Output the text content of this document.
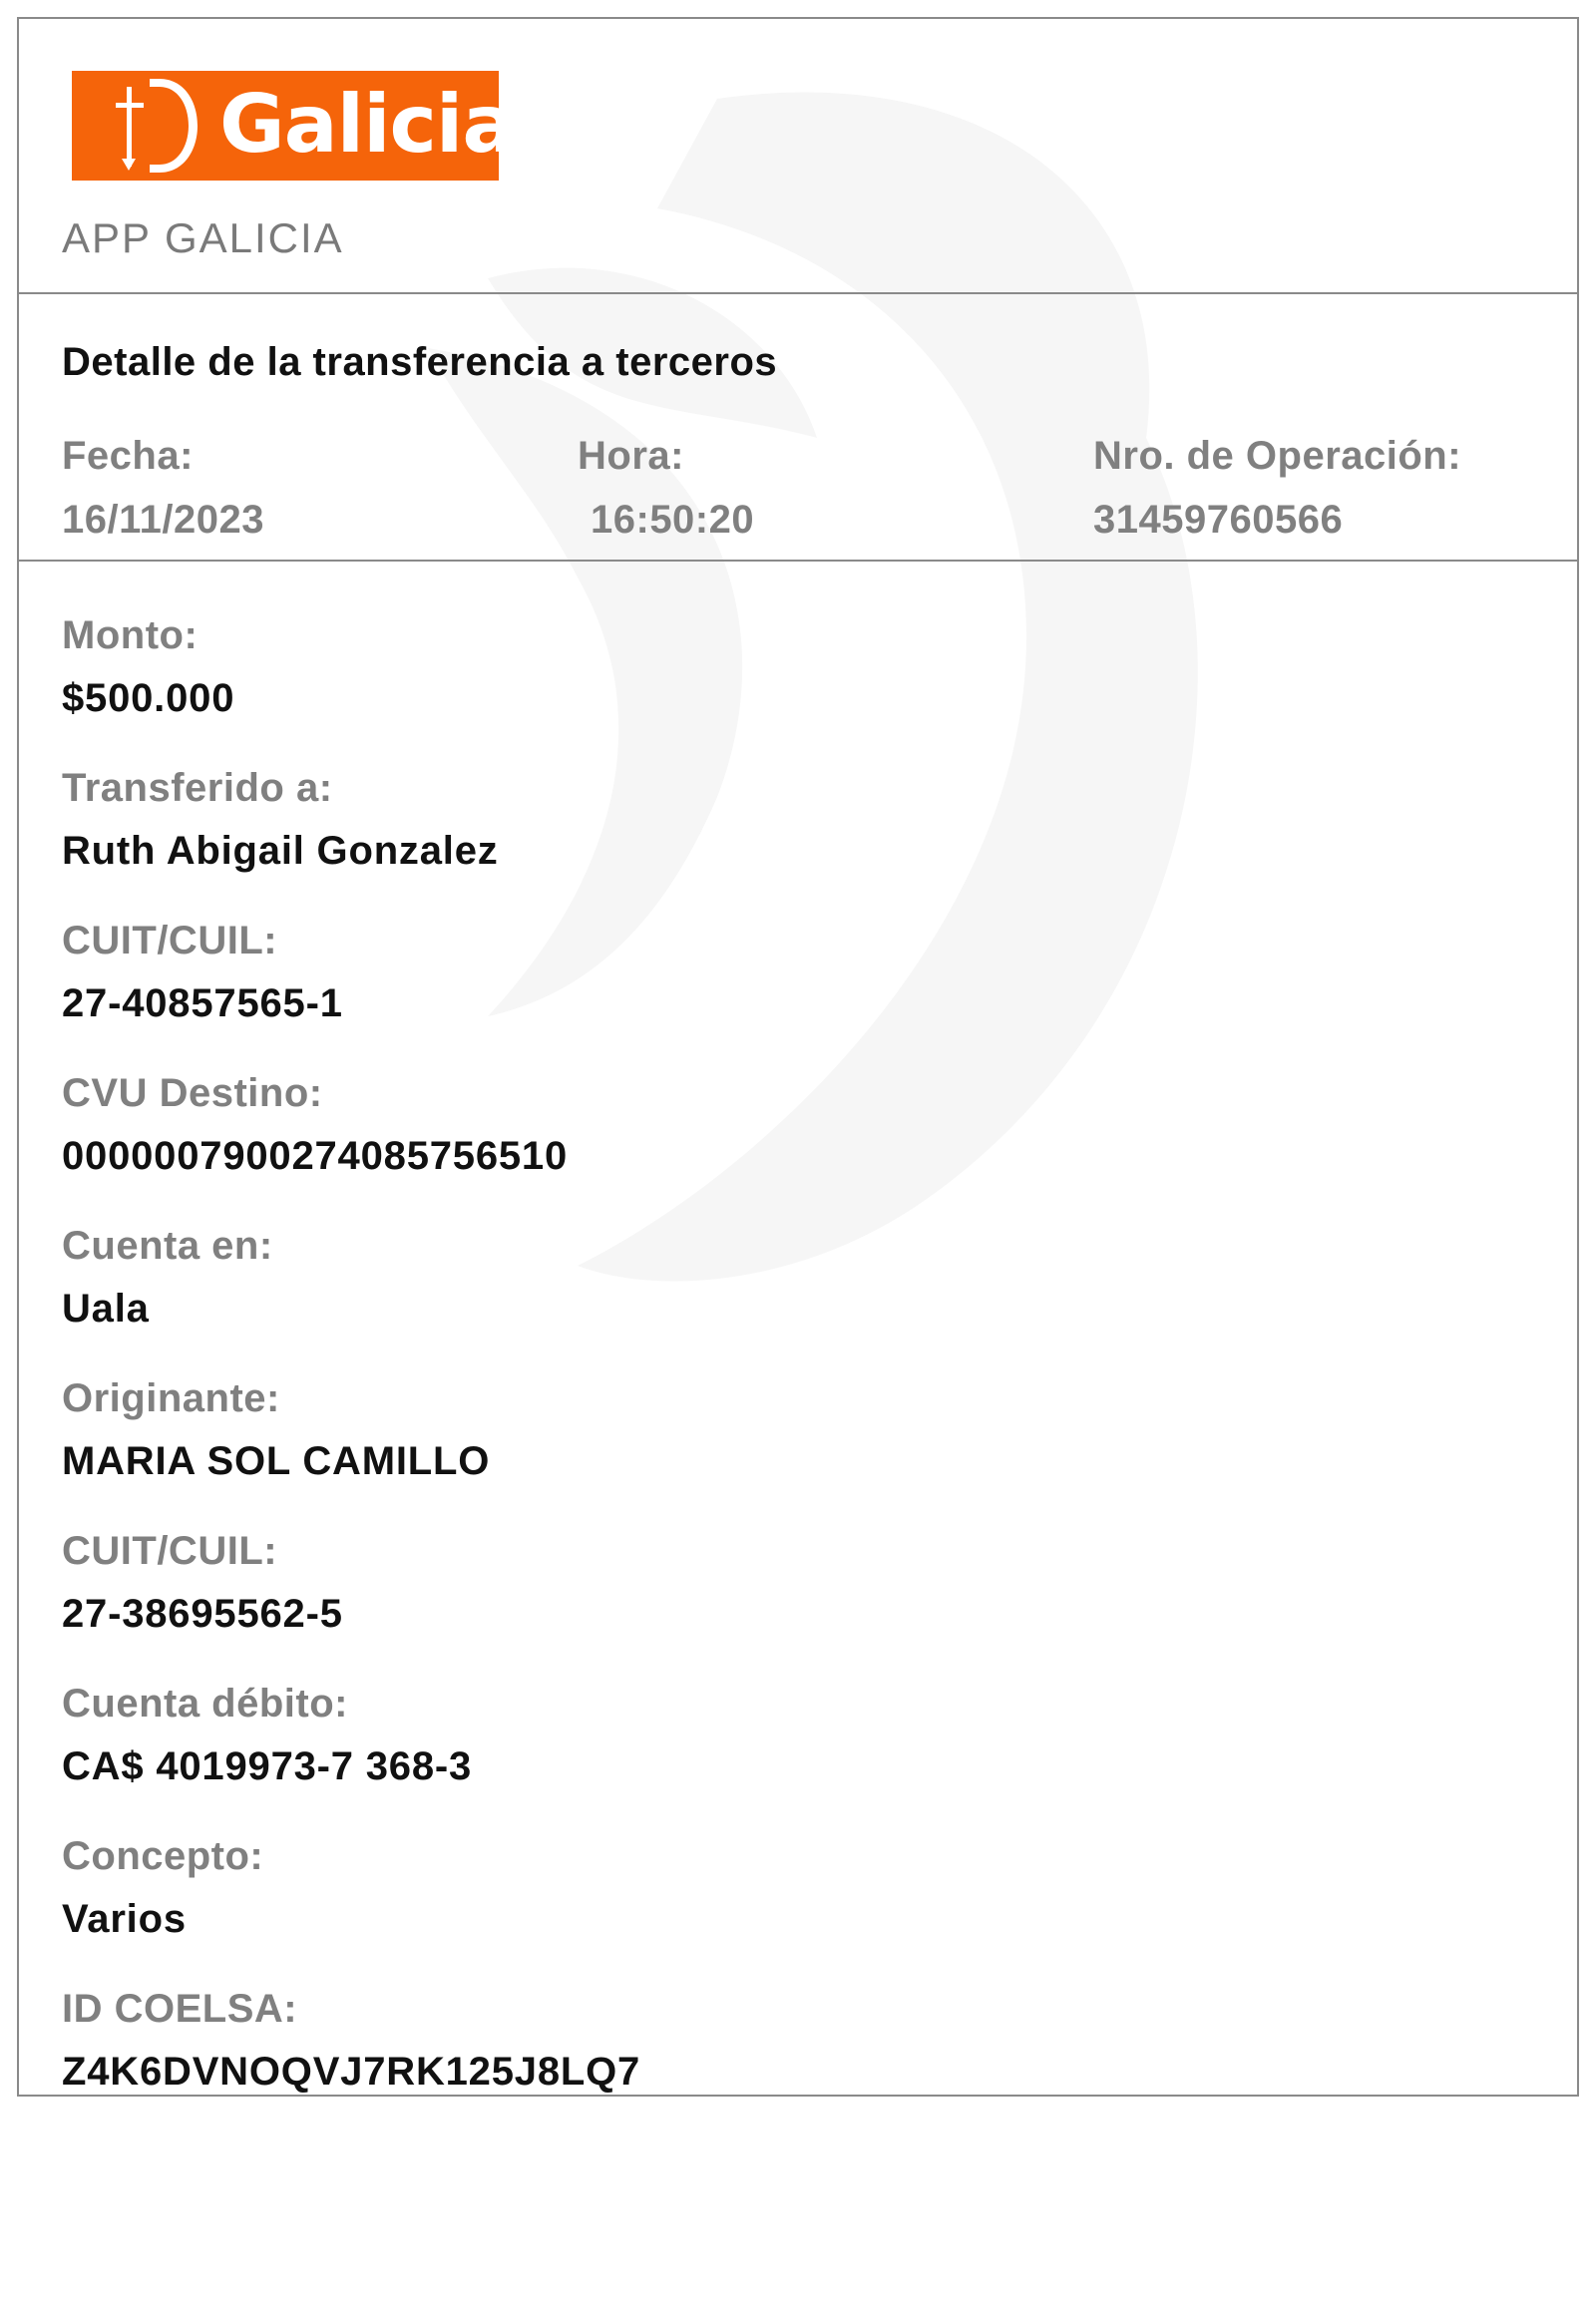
Galicia
APP GALICIA
Detalle de la transferencia a terceros
Fecha:
16/11/2023
Hora:
16:50:20
Nro. de Operación:
31459760566
Monto:
$500.000
Transferido a:
Ruth Abigail Gonzalez
CUIT/CUIL:
27-40857565-1
CVU Destino:
0000007900274085756510
Cuenta en:
Uala
Originante:
MARIA SOL CAMILLO
CUIT/CUIL:
27-38695562-5
Cuenta débito:
CA$ 4019973-7 368-3
Concepto:
Varios
ID COELSA:
Z4K6DVNOQVJ7RK125J8LQ7
